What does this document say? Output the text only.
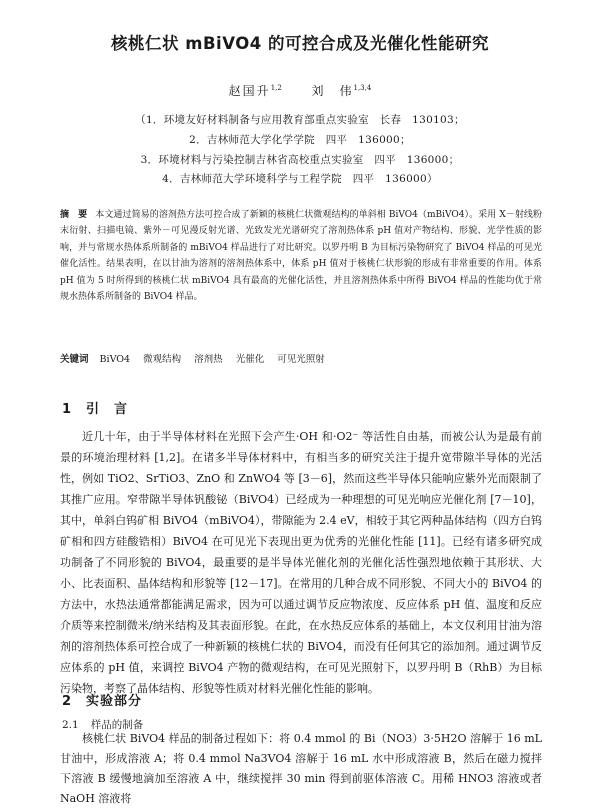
核桃仁状 mBiVO4 的可控合成及光催化性能研究
赵国升$^{1,2}$ 刘　伟$^{1,3,4}$
（1．环境友好材料制备与应用教育部重点实验室　长春　130103；
2．吉林师范大学化学学院　四平　136000；
3．环境材料与污染控制吉林省高校重点实验室　四平　136000；
4．吉林师范大学环境科学与工程学院　四平　136000）
摘　要 本文通过简易的溶剂热方法可控合成了新颖的核桃仁状微观结构的单斜相 BiVO4（mBiVO4）。采用 X－射线粉末衍射、扫描电镜、紫外－可见漫反射光谱、光致发光光谱研究了溶剂热体系 pH 值对产物结构、形貌、光学性质的影响，并与常规水热体系所制备的 mBiVO4 样品进行了对比研究。以罗丹明 B 为目标污染物研究了 BiVO4 样品的可见光催化活性。结果表明，在以甘油为溶剂的溶剂热体系中，体系 pH 值对于核桃仁状形貌的形成有非常重要的作用。体系 pH 值为 5 时所得到的核桃仁状 mBiVO4 具有最高的光催化活性，并且溶剂热体系中所得 BiVO4 样品的性能均优于常规水热体系所制备的 BiVO4 样品。
关键词 BiVO4 微观结构 溶剂热 光催化 可见光照射
1 引　言
近几十年，由于半导体材料在光照下会产生·OH 和·O2⁻ 等活性自由基，而被公认为是最有前景的环境治理材料 [1,2]。在诸多半导体材料中，有相当多的研究关注于提升宽带隙半导体的光活性，例如 TiO2、SrTiO3、ZnO 和 ZnWO4 等 [3－6]，然而这些半导体只能响应紫外光而限制了其推广应用。窄带隙半导体钒酸铋（BiVO4）已经成为一种理想的可见光响应光催化剂 [7－10]，其中，单斜白钨矿相 BiVO4（mBiVO4），带隙能为 2.4 eV，相较于其它两种晶体结构（四方白钨矿相和四方硅酸锆相）BiVO4 在可见光下表现出更为优秀的光催化性能 [11]。已经有诸多研究成功制备了不同形貌的 BiVO4，最重要的是半导体光催化剂的光催化活性强烈地依赖于其形状、大小、比表面积、晶体结构和形貌等 [12－17]。在常用的几种合成不同形貌、不同大小的 BiVO4 的方法中，水热法通常都能满足需求，因为可以通过调节反应物浓度、反应体系 pH 值、温度和反应介质等来控制微米/纳米结构及其表面形貌。在此，在水热反应体系的基础上，本文仅利用甘油为溶剂的溶剂热体系可控合成了一种新颖的核桃仁状的 BiVO4，而没有任何其它的添加剂。通过调节反应体系的 pH 值，来调控 BiVO4 产物的微观结构，在可见光照射下，以罗丹明 B（RhB）为目标污染物，考察了晶体结构、形貌等性质对材料光催化性能的影响。
2 实验部分
2.1 样品的制备
核桃仁状 BiVO4 样品的制备过程如下：将 0.4 mmol 的 Bi（NO3）3·5H2O 溶解于 16 mL 甘油中，形成溶液 A；将 0.4 mmol Na3VO4 溶解于 16 mL 水中形成溶液 B，然后在磁力搅拌下溶液 B 缓慢地滴加至溶液 A 中，继续搅拌 30 min 得到前驱体溶液 C。用稀 HNO3 溶液或者 NaOH 溶液将
